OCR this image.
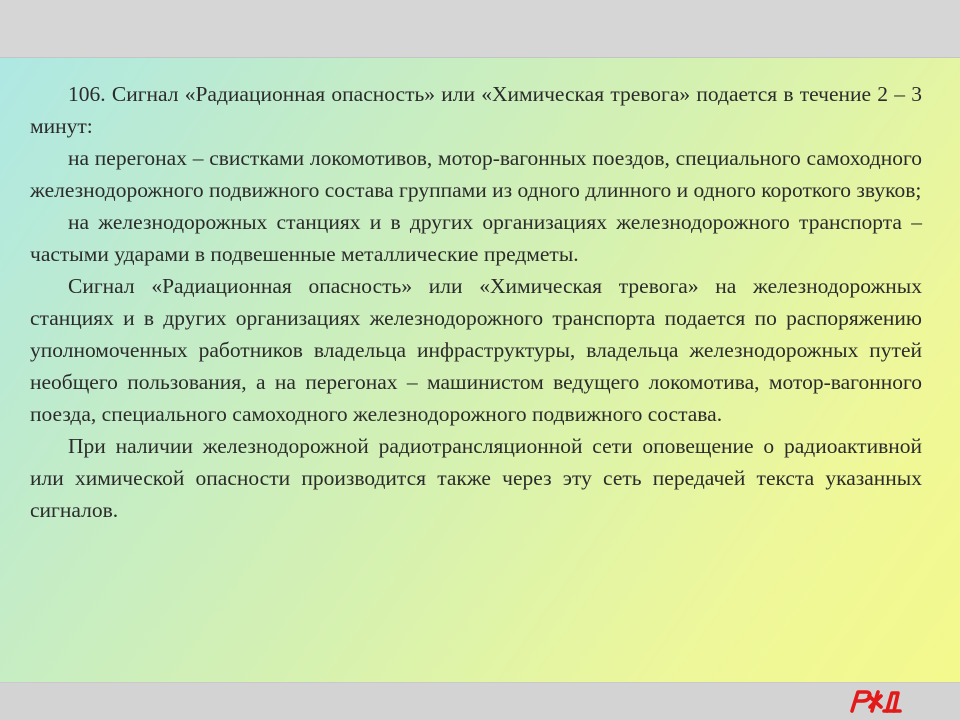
106. Сигнал «Радиационная опасность» или «Химическая тревога» подается в течение 2 – 3 минут:

на перегонах – свистками локомотивов, мотор-вагонных поездов, специального самоходного железнодорожного подвижного состава группами из одного длинного и одного короткого звуков;

на железнодорожных станциях и в других организациях железнодорожного транспорта – частыми ударами в подвешенные металлические предметы.

Сигнал «Радиационная опасность» или «Химическая тревога» на железнодорожных станциях и в других организациях железнодорожного транспорта подается по распоряжению уполномоченных работников владельца инфраструктуры, владельца железнодорожных путей необщего пользования, а на перегонах – машинистом ведущего локомотива, мотор-вагонного поезда, специального самоходного железнодорожного подвижного состава.

При наличии железнодорожной радиотрансляционной сети оповещение о радиоактивной или химической опасности производится также через эту сеть передачей текста указанных сигналов.
